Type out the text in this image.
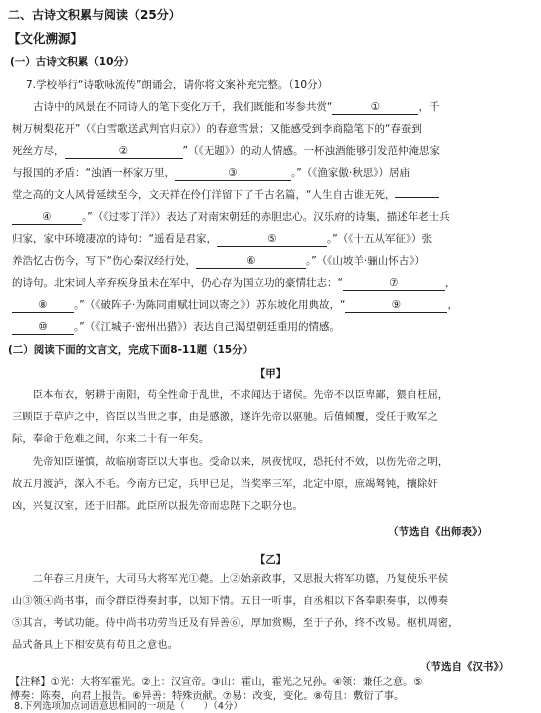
二、古诗文积累与阅读（25分）
【文化溯源】
(一）古诗文积累（10分）
7.学校举行“诗歌咏流传”朗诵会，请你将文案补充完整。（10分）
　　古诗中的风景在不同诗人的笔下变化万千，我们既能和岑参共赏“	①	，千
树万树梨花开”（《白雪歌送武判官归京》）的春意雪景；又能感受到李商隐笔下的“春蚕到
死丝方尽，	②	”（《无题》）的动人情感。一杯浊酒能够引发范仲淹思家
与报国的矛盾：“浊酒一杯家万里，	③	。”（《渔家傲·秋思》）居庙
堂之高的文人风骨延续至今，文天祥在伶仃洋留下了千古名篇，“人生自古谁无死，
④	。”（《过零丁洋》）表达了对南宋朝廷的赤胆忠心。汉乐府的诗集，描述年老士兵
归家，家中环境凄凉的诗句：“遥看是君家，	⑤	。”（《十五从军征》）张
养浩忆古伤今，写下“伤心秦汉经行处，	⑥	。”（《山坡羊·骊山怀古》）
的诗句。北宋词人辛弃疾身虽未在军中，仍心存为国立功的豪情壮志：“	⑦	，
⑧	。”（《破阵子·为陈同甫赋壮词以寄之》）苏东坡化用典故，“	⑨	，
⑩	。”（《江城子·密州出猎》）表达自己渴望朝廷重用的情感。
(二）阅读下面的文言文，完成下面8-11题（15分）
【甲】
　　臣本布衣，躬耕于南阳，苟全性命于乱世，不求闻达于诸侯。先帝不以臣卑鄙，猥自枉屈，
三顾臣于草庐之中，咨臣以当世之事，由是感激，遂许先帝以驱驰。后值倾覆，受任于败军之
际，奉命于危难之间，尔来二十有一年矣。
　　先帝知臣谨慎，故临崩寄臣以大事也。受命以来，夙夜忧叹，恐托付不效，以伤先帝之明，
故五月渡泸，深入不毛。今南方已定，兵甲已足，当奖率三军，北定中原，庶竭驽钝，攘除奸
凶，兴复汉室，还于旧都。此臣所以报先帝而忠陛下之职分也。
（节选自《出师表》）
【乙】
　　二年春三月庚午，大司马大将军光①薨。上②始亲政事，又思报大将军功德，乃复使乐平侯
山③领④尚书事，而令群臣得奏封事，以知下情。五日一听事，自丞相以下各奉职奏事，以傅奏
⑤其言，考试功能。侍中尚书功劳当迁及有异善⑥，厚加赏赐，至于子孙，终不改易。枢机周密，
品式备具上下相安莫有苟且之意也。
（节选自《汉书》）
【注释】①光：大将军霍光。②上：汉宣帝。③山：霍山，霍光之兄孙。④领：兼任之意。⑤
傅奏：陈奏，向君上报告。⑥异善：特殊贡献。⑦易：改变，变化。⑧苟且：敷衍了事。
8.下列选项加点词语意思相同的一项是（　　）（4分）
